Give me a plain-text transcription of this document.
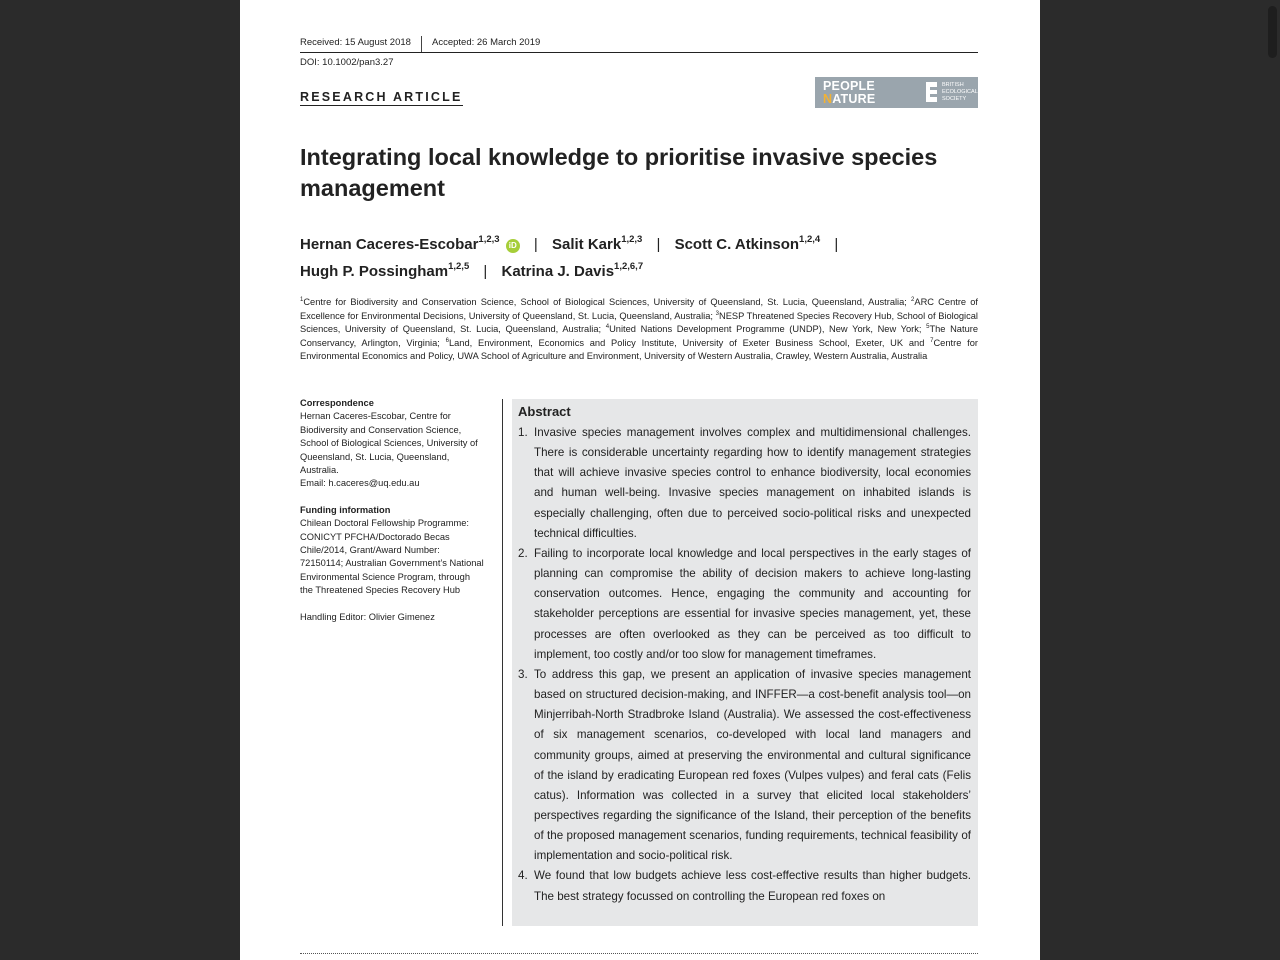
Received: 15 August 2018 Accepted: 26 March 2019
DOI: 10.1002/pan3.27
RESEARCH ARTICLE
PEOPLE
NATURE
BRITISH
ECOLOGICAL
SOCIETY
Integrating local knowledge to prioritise invasive species management
Hernan Caceres-Escobar$^{1,2,3}$ iD | Salit Kark$^{1,2,3}$ | Scott C. Atkinson$^{1,2,4}$ |
Hugh P. Possingham$^{1,2,5}$ | Katrina J. Davis$^{1,2,6,7}$
$^1$Centre for Biodiversity and Conservation Science, School of Biological Sciences, University of Queensland, St. Lucia, Queensland, Australia; $^2$ARC Centre of Excellence for Environmental Decisions, University of Queensland, St. Lucia, Queensland, Australia; $^3$NESP Threatened Species Recovery Hub, School of Biological Sciences, University of Queensland, St. Lucia, Queensland, Australia; $^4$United Nations Development Programme (UNDP), New York, New York; $^5$The Nature Conservancy, Arlington, Virginia; $^6$Land, Environment, Economics and Policy Institute, University of Exeter Business School, Exeter, UK and $^7$Centre for Environmental Economics and Policy, UWA School of Agriculture and Environment, University of Western Australia, Crawley, Western Australia, Australia
Correspondence
Hernan Caceres-Escobar, Centre for Biodiversity and Conservation Science, School of Biological Sciences, University of Queensland, St. Lucia, Queensland, Australia.
Email: h.caceres@uq.edu.au
Funding information
Chilean Doctoral Fellowship Programme: CONICYT PFCHA/Doctorado Becas Chile/2014, Grant/Award Number: 72150114; Australian Government’s National Environmental Science Program, through the Threatened Species Recovery Hub
Handling Editor: Olivier Gimenez
Abstract
1. Invasive species management involves complex and multidimensional challenges. There is considerable uncertainty regarding how to identify management strategies that will achieve invasive species control to enhance biodiversity, local economies and human well-being. Invasive species management on inhabited islands is especially challenging, often due to perceived socio-political risks and unexpected technical difficulties.
2. Failing to incorporate local knowledge and local perspectives in the early stages of planning can compromise the ability of decision makers to achieve long-lasting conservation outcomes. Hence, engaging the community and accounting for stakeholder perceptions are essential for invasive species management, yet, these processes are often overlooked as they can be perceived as too difficult to implement, too costly and/or too slow for management timeframes.
3. To address this gap, we present an application of invasive species management based on structured decision-making, and INFFER—a cost-benefit analysis tool—on Minjerribah-North Stradbroke Island (Australia). We assessed the cost-effectiveness of six management scenarios, co-developed with local land managers and community groups, aimed at preserving the environmental and cultural significance of the island by eradicating European red foxes (Vulpes vulpes) and feral cats (Felis catus). Information was collected in a survey that elicited local stakeholders’ perspectives regarding the significance of the Island, their perception of the benefits of the proposed management scenarios, funding requirements, technical feasibility of implementation and socio-political risk.
4. We found that low budgets achieve less cost-effective results than higher budgets. The best strategy focussed on controlling the European red foxes on
